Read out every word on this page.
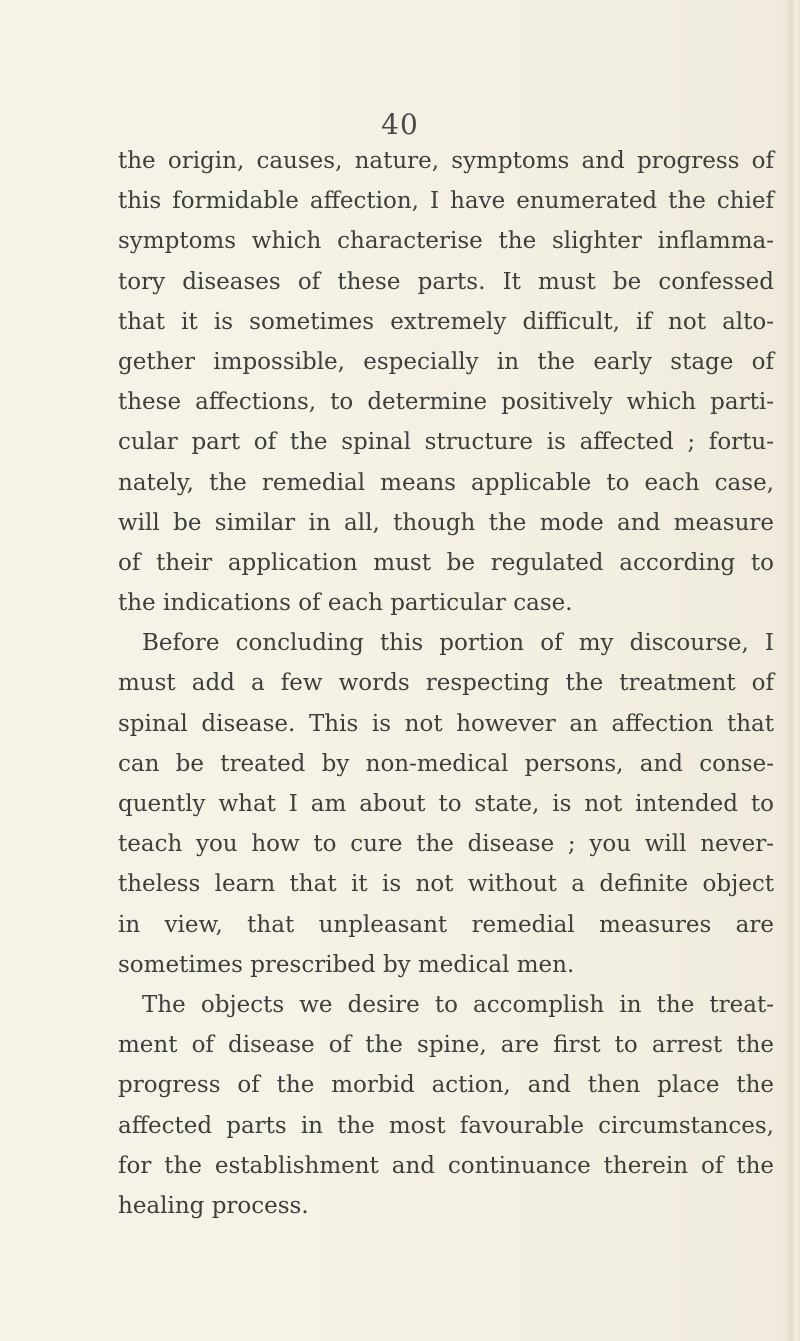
40
the origin, causes, nature, symptoms and progress of
this formidable affection, I have enumerated the chief
symptoms which characterise the slighter inflamma-
tory diseases of these parts. It must be confessed
that it is sometimes extremely difficult, if not alto-
gether impossible, especially in the early stage of
these affections, to determine positively which parti-
cular part of the spinal structure is affected ; fortu-
nately, the remedial means applicable to each case,
will be similar in all, though the mode and measure
of their application must be regulated according to
the indications of each particular case.
Before concluding this portion of my discourse, I
must add a few words respecting the treatment of
spinal disease. This is not however an affection that
can be treated by non-medical persons, and conse-
quently what I am about to state, is not intended to
teach you how to cure the disease ; you will never-
theless learn that it is not without a definite object
in view, that unpleasant remedial measures are
sometimes prescribed by medical men.
The objects we desire to accomplish in the treat-
ment of disease of the spine, are first to arrest the
progress of the morbid action, and then place the
affected parts in the most favourable circumstances,
for the establishment and continuance therein of the
healing process.
